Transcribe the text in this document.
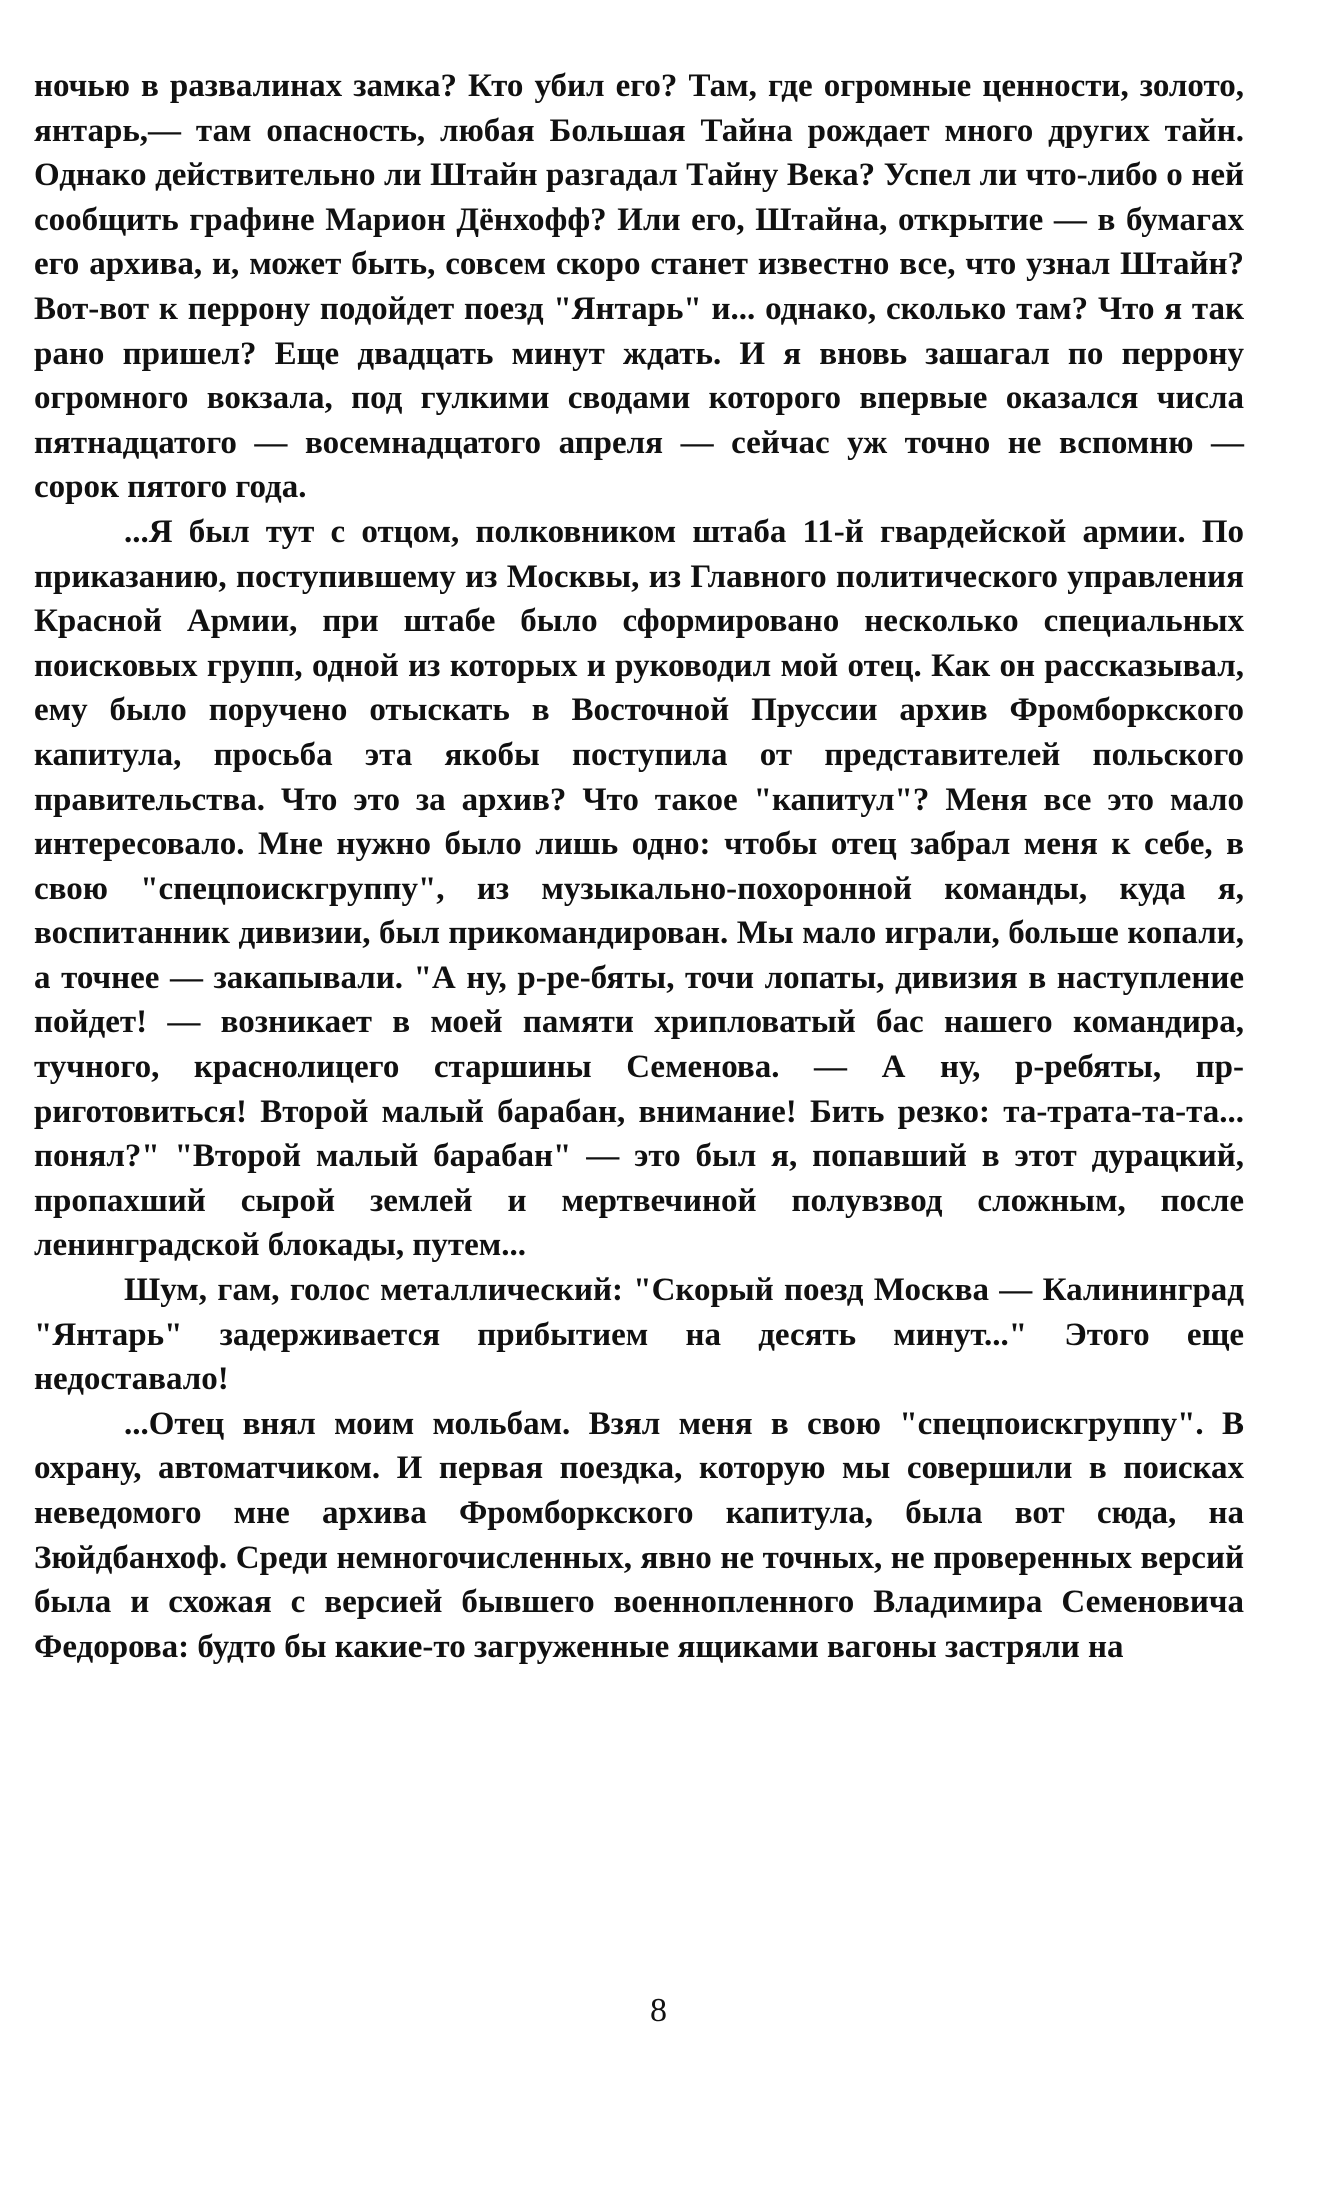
ночью в развалинах замка? Кто убил его? Там, где огромные ценности, золото, янтарь,— там опасность, любая Большая Тайна рождает много других тайн. Однако действительно ли Штайн разгадал Тайну Века? Успел ли что-либо о ней сообщить графине Марион Дёнхофф? Или его, Штайна, открытие — в бумагах его архива, и, может быть, совсем скоро станет известно все, что узнал Штайн? Вот-вот к перрону подойдет поезд "Янтарь" и... однако, сколько там? Что я так рано пришел? Еще двадцать минут ждать. И я вновь зашагал по перрону огромного вокзала, под гулкими сводами которого впервые оказался числа пятнадцатого — восемнадцатого апреля — сейчас уж точно не вспомню — сорок пятого года.

...Я был тут с отцом, полковником штаба 11-й гвардейской армии. По приказанию, поступившему из Москвы, из Главного политического управления Красной Армии, при штабе было сформировано несколько специальных поисковых групп, одной из которых и руководил мой отец. Как он рассказывал, ему было поручено отыскать в Восточной Пруссии архив Фромборкского капитула, просьба эта якобы поступила от представителей польского правительства. Что это за архив? Что такое "капитул"? Меня все это мало интересовало. Мне нужно было лишь одно: чтобы отец забрал меня к себе, в свою "спецпоискгруппу", из музыкально-похоронной команды, куда я, воспитанник дивизии, был прикомандирован. Мы мало играли, больше копали, а точнее — закапывали. "А ну, р-ре-бяты, точи лопаты, дивизия в наступление пойдет! — возникает в моей памяти хрипловатый бас нашего командира, тучного, краснолицего старшины Семенова. — А ну, р-ребяты, пр-риготовиться! Второй малый барабан, внимание! Бить резко: та-трата-та-та... понял?" "Второй малый барабан" — это был я, попавший в этот дурацкий, пропахший сырой землей и мертвечиной полувзвод сложным, после ленинградской блокады, путем...

Шум, гам, голос металлический: "Скорый поезд Москва — Калининград "Янтарь" задерживается прибытием на десять минут..." Этого еще недоставало!

...Отец внял моим мольбам. Взял меня в свою "спецпоискгруппу". В охрану, автоматчиком. И первая поездка, которую мы совершили в поисках неведомого мне архива Фромборкского капитула, была вот сюда, на Зюйдбанхоф. Среди немногочисленных, явно не точных, не проверенных версий была и схожая с версией бывшего военнопленного Владимира Семеновича Федорова: будто бы какие-то загруженные ящиками вагоны застряли на

8
